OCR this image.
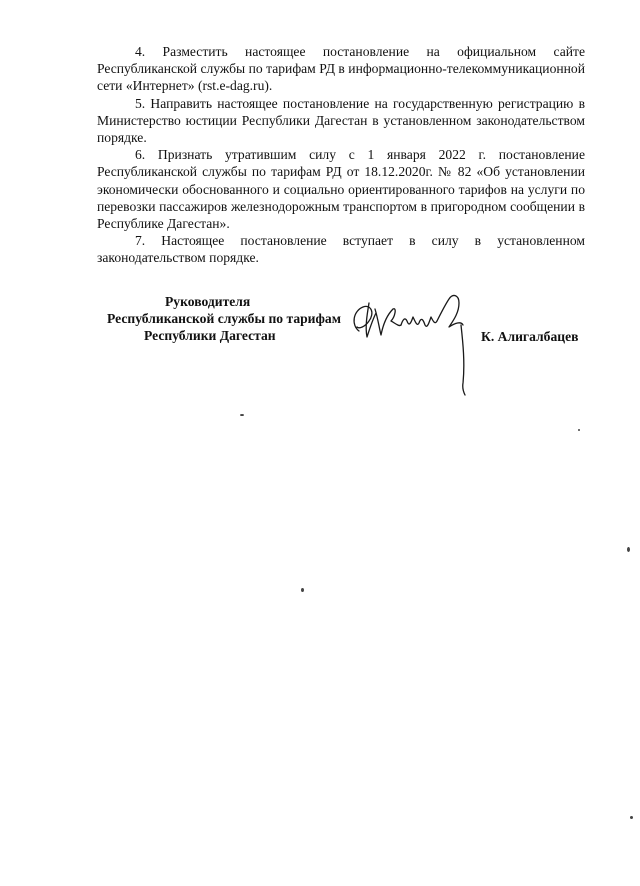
4. Разместить настоящее постановление на официальном сайте Республиканской службы по тарифам РД в информационно-телекоммуникационной сети «Интернет» (rst.e-dag.ru).

5. Направить настоящее постановление на государственную регистрацию в Министерство юстиции Республики Дагестан в установленном законодательством порядке.

6. Признать утратившим силу с 1 января 2022 г. постановление Республиканской службы по тарифам РД от 18.12.2020г. № 82 «Об установлении экономически обоснованного и социально ориентированного тарифов на услуги по перевозки пассажиров железнодорожным транспортом в пригородном сообщении в Республике Дагестан».

7. Настоящее постановление вступает в силу в установленном законодательством порядке.

Руководителя
Республиканской службы по тарифам
Республики Дагестан	К. Алигалбацев
